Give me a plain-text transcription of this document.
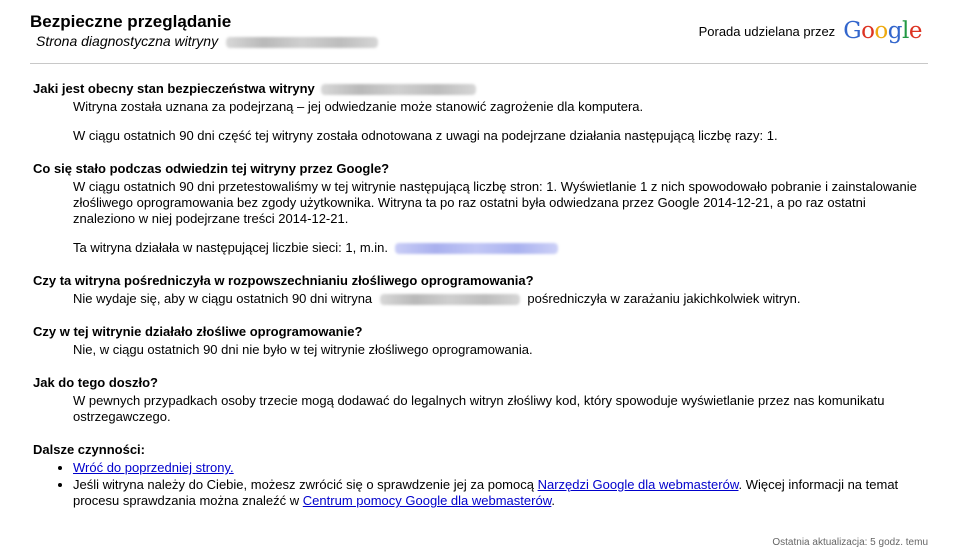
Bezpieczne przeglądanie
Strona diagnostyczna witryny
Porada udzielana przez Google
Jaki jest obecny stan bezpieczeństwa witryny
Witryna została uznana za podejrzaną – jej odwiedzanie może stanowić zagrożenie dla komputera.
W ciągu ostatnich 90 dni część tej witryny została odnotowana z uwagi na podejrzane działania następującą liczbę razy: 1.
Co się stało podczas odwiedzin tej witryny przez Google?
W ciągu ostatnich 90 dni przetestowaliśmy w tej witrynie następującą liczbę stron: 1. Wyświetlanie 1 z nich spowodowało pobranie i zainstalowanie złośliwego oprogramowania bez zgody użytkownika. Witryna ta po raz ostatni była odwiedzana przez Google 2014-12-21, a po raz ostatni znaleziono w niej podejrzane treści 2014-12-21.
Ta witryna działała w następującej liczbie sieci: 1, m.in.
Czy ta witryna pośredniczyła w rozpowszechnianiu złośliwego oprogramowania?
Nie wydaje się, aby w ciągu ostatnich 90 dni witryna	pośredniczyła w zarażaniu jakichkolwiek witryn.
Czy w tej witrynie działało złośliwe oprogramowanie?
Nie, w ciągu ostatnich 90 dni nie było w tej witrynie złośliwego oprogramowania.
Jak do tego doszło?
W pewnych przypadkach osoby trzecie mogą dodawać do legalnych witryn złośliwy kod, który spowoduje wyświetlanie przez nas komunikatu ostrzegawczego.
Dalsze czynności:
• Wróć do poprzedniej strony.
• Jeśli witryna należy do Ciebie, możesz zwrócić się o sprawdzenie jej za pomocą Narzędzi Google dla webmasterów. Więcej informacji na temat procesu sprawdzania można znaleźć w Centrum pomocy Google dla webmasterów.
Ostatnia aktualizacja: 5 godz. temu
